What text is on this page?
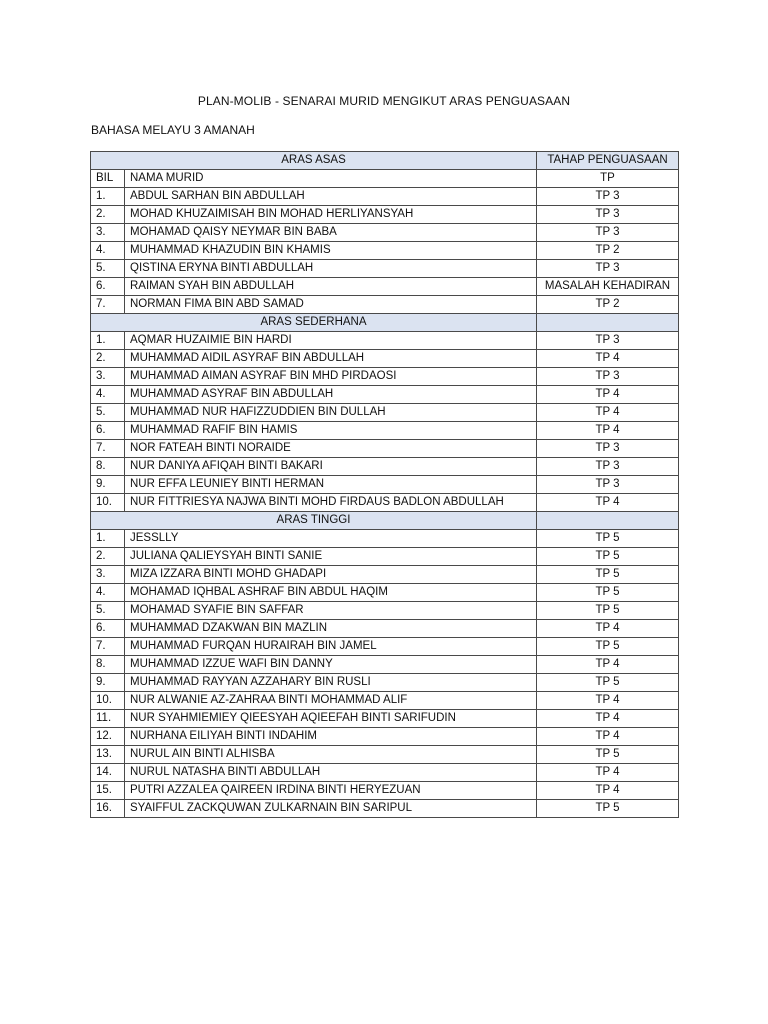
PLAN-MOLIB - SENARAI MURID MENGIKUT ARAS PENGUASAAN
BAHASA MELAYU 3 AMANAH
ARAS ASAS		TAHAP PENGUASAAN
BIL	NAMA MURID	TP
1.	ABDUL SARHAN BIN ABDULLAH	TP 3
2.	MOHAD KHUZAIMISAH BIN MOHAD HERLIYANSYAH	TP 3
3.	MOHAMAD QAISY NEYMAR BIN BABA	TP 3
4.	MUHAMMAD KHAZUDIN BIN KHAMIS	TP 2
5.	QISTINA ERYNA BINTI ABDULLAH	TP 3
6.	RAIMAN SYAH BIN ABDULLAH	MASALAH KEHADIRAN
7.	NORMAN FIMA BIN ABD SAMAD	TP 2
ARAS SEDERHANA		
1.	AQMAR HUZAIMIE BIN HARDI	TP 3
2.	MUHAMMAD AIDIL ASYRAF BIN ABDULLAH	TP 4
3.	MUHAMMAD AIMAN ASYRAF BIN MHD PIRDAOSI	TP 3
4.	MUHAMMAD ASYRAF BIN ABDULLAH	TP 4
5.	MUHAMMAD NUR HAFIZZUDDIEN BIN DULLAH	TP 4
6.	MUHAMMAD RAFIF BIN HAMIS	TP 4
7.	NOR FATEAH BINTI NORAIDE	TP 3
8.	NUR DANIYA AFIQAH BINTI BAKARI	TP 3
9.	NUR EFFA LEUNIEY BINTI HERMAN	TP 3
10.	NUR FITTRIESYA NAJWA BINTI MOHD FIRDAUS BADLON ABDULLAH	TP 4
ARAS TINGGI		
1.	JESSLLY	TP 5
2.	JULIANA QALIEYSYAH BINTI SANIE	TP 5
3.	MIZA IZZARA BINTI MOHD GHADAPI	TP 5
4.	MOHAMAD IQHBAL ASHRAF BIN ABDUL HAQIM	TP 5
5.	MOHAMAD SYAFIE BIN SAFFAR	TP 5
6.	MUHAMMAD DZAKWAN BIN MAZLIN	TP 4
7.	MUHAMMAD FURQAN HURAIRAH BIN JAMEL	TP 5
8.	MUHAMMAD IZZUE WAFI BIN DANNY	TP 4
9.	MUHAMMAD RAYYAN AZZAHARY BIN RUSLI	TP 5
10.	NUR ALWANIE AZ-ZAHRAA BINTI MOHAMMAD ALIF	TP 4
11.	NUR SYAHMIEMIEY QIEESYAH AQIEEFAH BINTI SARIFUDIN	TP 4
12.	NURHANA EILIYAH BINTI INDAHIM	TP 4
13.	NURUL AIN BINTI ALHISBA	TP 5
14.	NURUL NATASHA BINTI ABDULLAH	TP 4
15.	PUTRI AZZALEA QAIREEN IRDINA BINTI HERYEZUAN	TP 4
16.	SYAIFFUL ZACKQUWAN ZULKARNAIN BIN SARIPUL	TP 5
